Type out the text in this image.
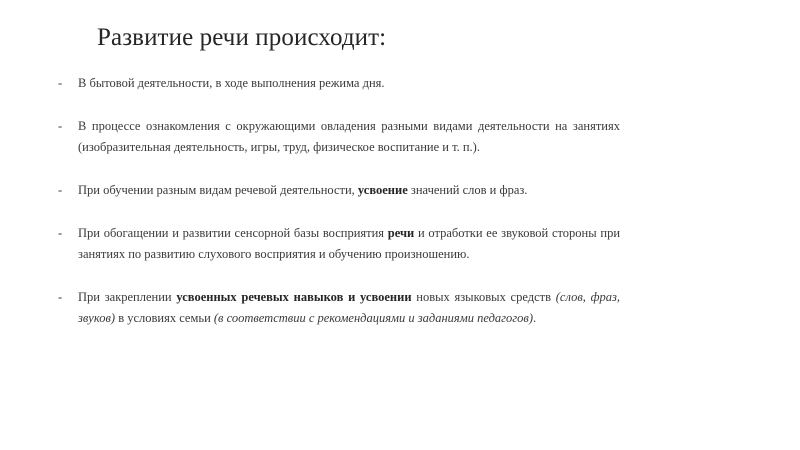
Развитие речи происходит:
- В бытовой деятельности, в ходе выполнения режима дня.
- В процессе ознакомления с окружающими овладения разными видами деятельности на занятиях (изобразительная деятельность, игры, труд, физическое воспитание и т. п.).
- При обучении разным видам речевой деятельности, усвоение значений слов и фраз.
- При обогащении и развитии сенсорной базы восприятия речи и отработки ее звуковой стороны при занятиях по развитию слухового восприятия и обучению произношению.
- При закреплении усвоенных речевых навыков и усвоении новых языковых средств (слов, фраз, звуков) в условиях семьи (в соответствии с рекомендациями и заданиями педагогов).
